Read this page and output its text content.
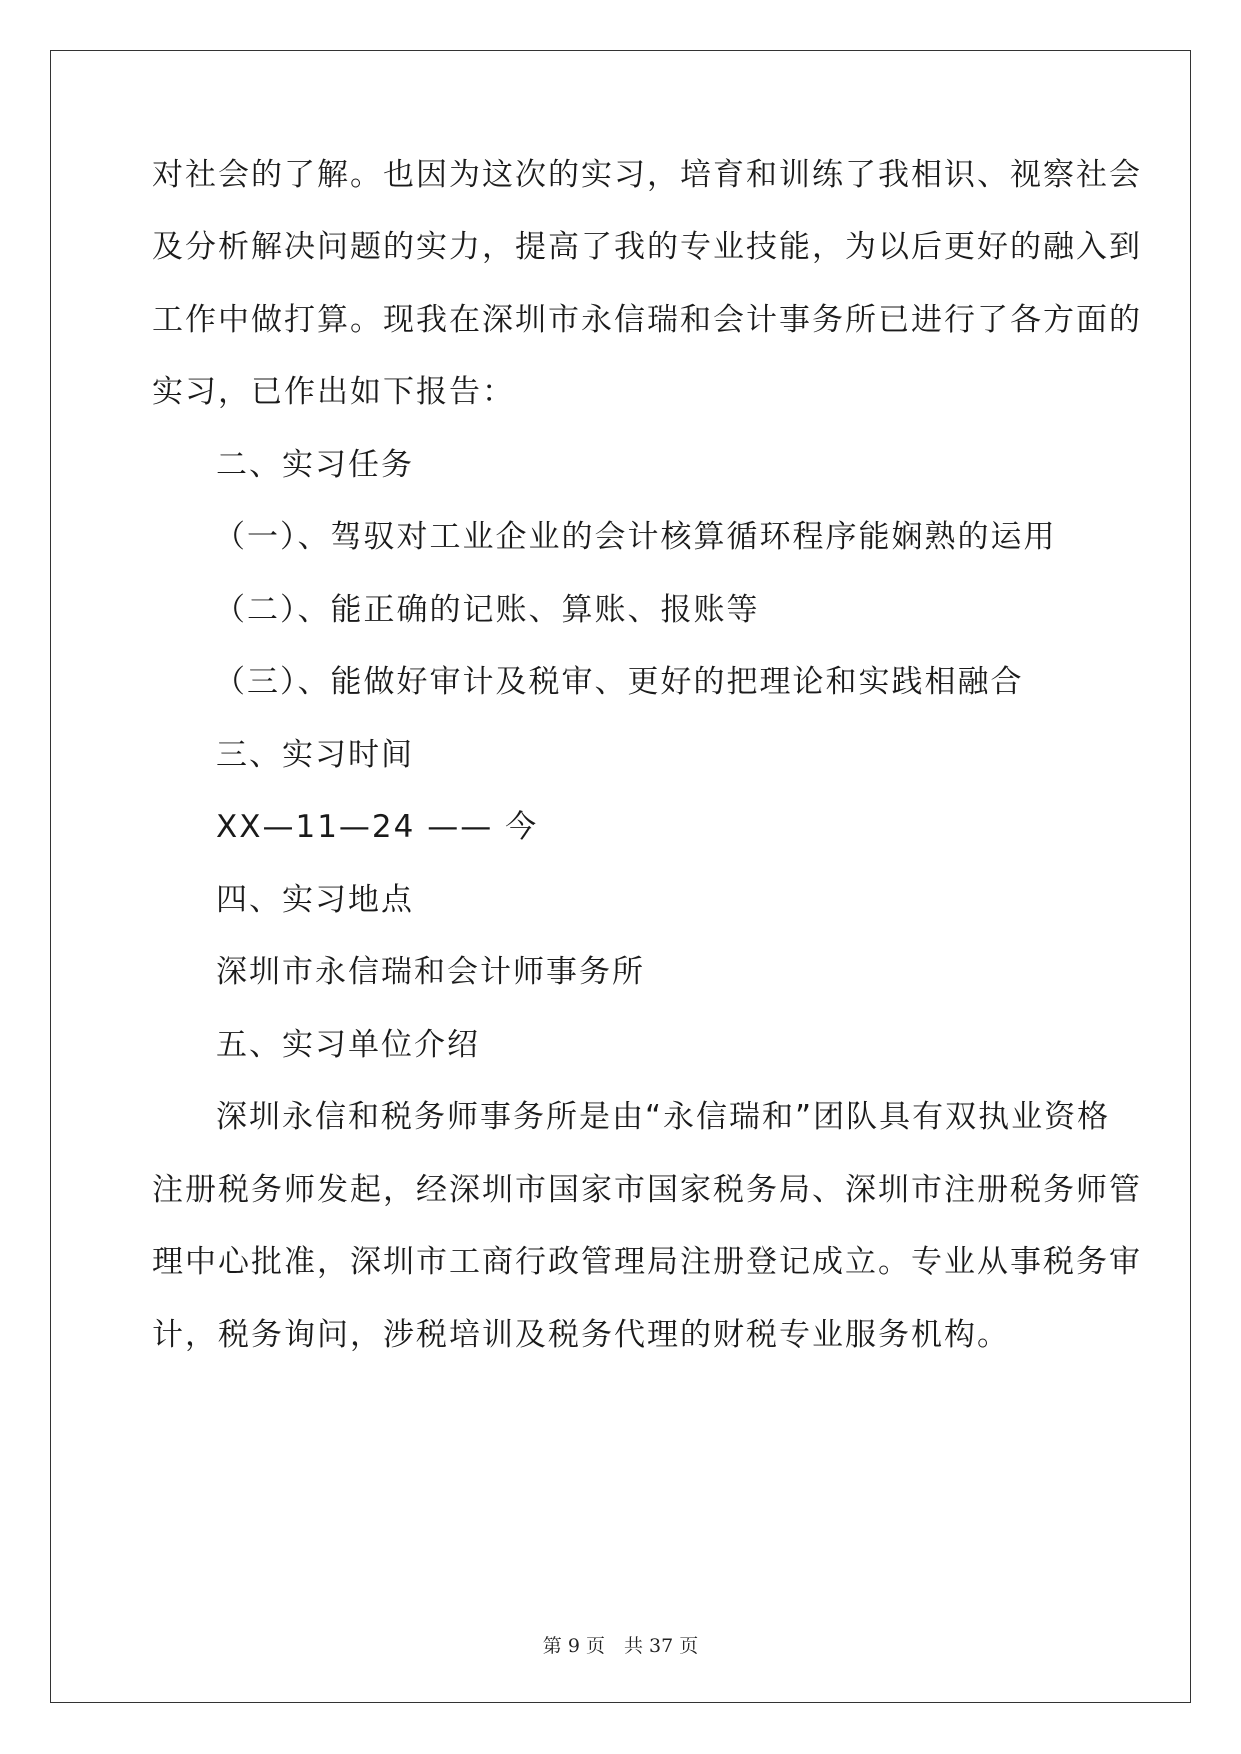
对社会的了解。也因为这次的实习，培育和训练了我相识、视察社会
及分析解决问题的实力，提高了我的专业技能，为以后更好的融入到
工作中做打算。现我在深圳市永信瑞和会计事务所已进行了各方面的
实习，已作出如下报告：
二、实习任务
（一）、驾驭对工业企业的会计核算循环程序能娴熟的运用
（二）、能正确的记账、算账、报账等
（三）、能做好审计及税审、更好的把理论和实践相融合
三、实习时间
XX—11—24 —— 今
四、实习地点
深圳市永信瑞和会计师事务所
五、实习单位介绍
深圳永信和税务师事务所是由“永信瑞和”团队具有双执业资格
注册税务师发起，经深圳市国家市国家税务局、深圳市注册税务师管
理中心批准，深圳市工商行政管理局注册登记成立。专业从事税务审
计，税务询问，涉税培训及税务代理的财税专业服务机构。
第 9 页　共 37 页
